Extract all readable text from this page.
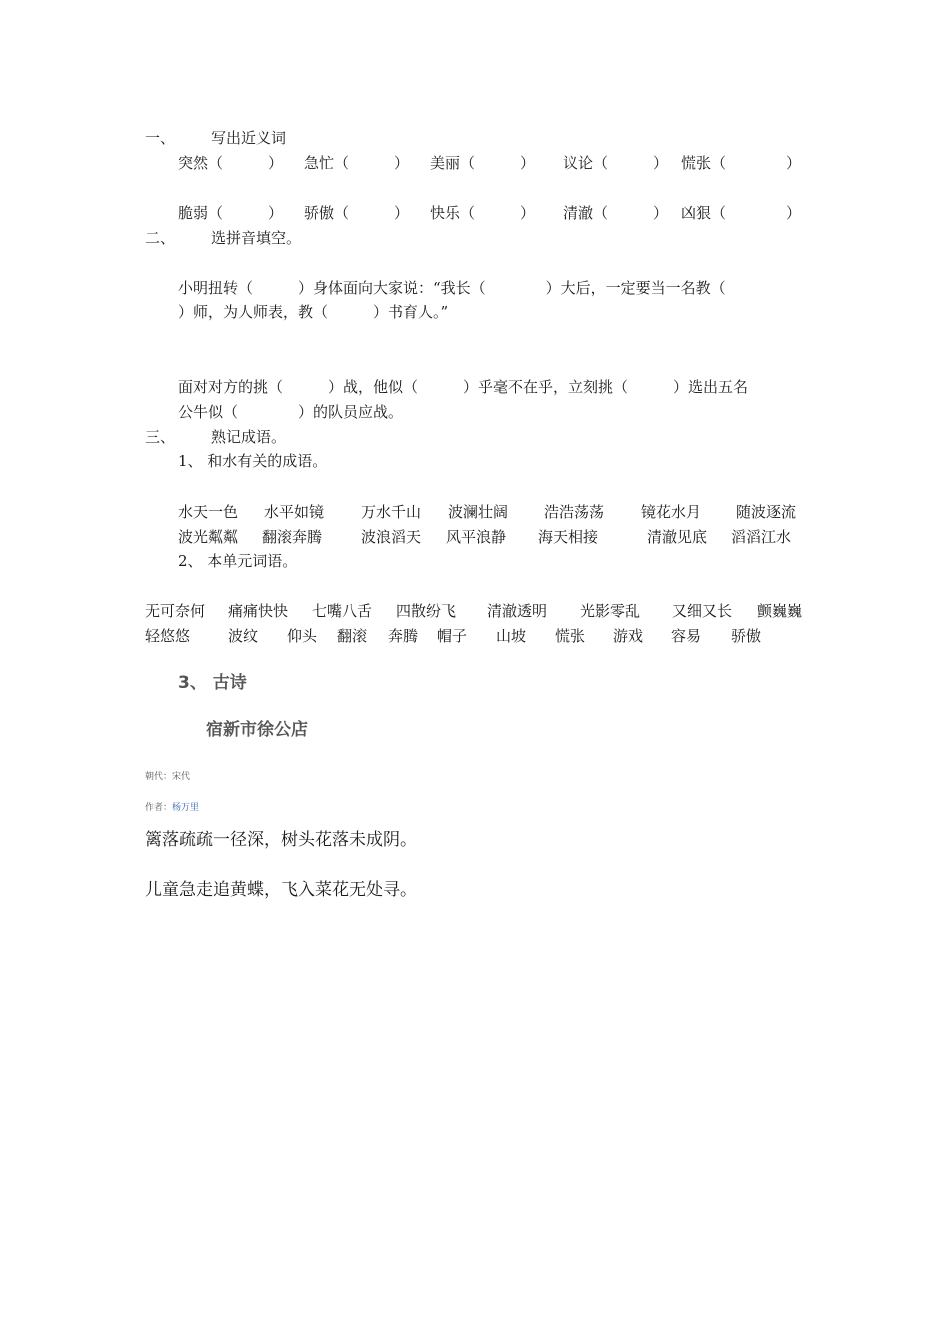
一、 写出近义词
突然（　　　） 急忙（　　　） 美丽（　　　） 议论（　　　） 慌张（　　　　）
脆弱（　　　） 骄傲（　　　） 快乐（　　　） 清澈（　　　） 凶狠（　　　　）
二、 选拼音填空。
小明扭转（　　　）身体面向大家说：“我长（　　　　）大后，一定要当一名教（
）师，为人师表，教（　　　）书育人。”
面对对方的挑（　　　）战，他似（　　　）乎毫不在乎，立刻挑（　　　）选出五名
公牛似（　　　　）的队员应战。
三、 熟记成语。
1、 和水有关的成语。
水天一色 水平如镜 万水千山 波澜壮阔 浩浩荡荡 镜花水月 随波逐流
波光粼粼 翻滚奔腾	波浪滔天 风平浪静 海天相接	清澈见底 滔滔江水
2、 本单元词语。
无可奈何 痛痛快快 七嘴八舌 四散纷飞 清澈透明 光影零乱 又细又长 颤巍巍
轻悠悠	波纹 仰头 翻滚 奔腾 帽子 山坡 慌张 游戏 容易 骄傲
3、 古诗
宿新市徐公店
朝代：宋代
作者：杨万里
篱落疏疏一径深，树头花落未成阴。
儿童急走追黄蝶，飞入菜花无处寻。
